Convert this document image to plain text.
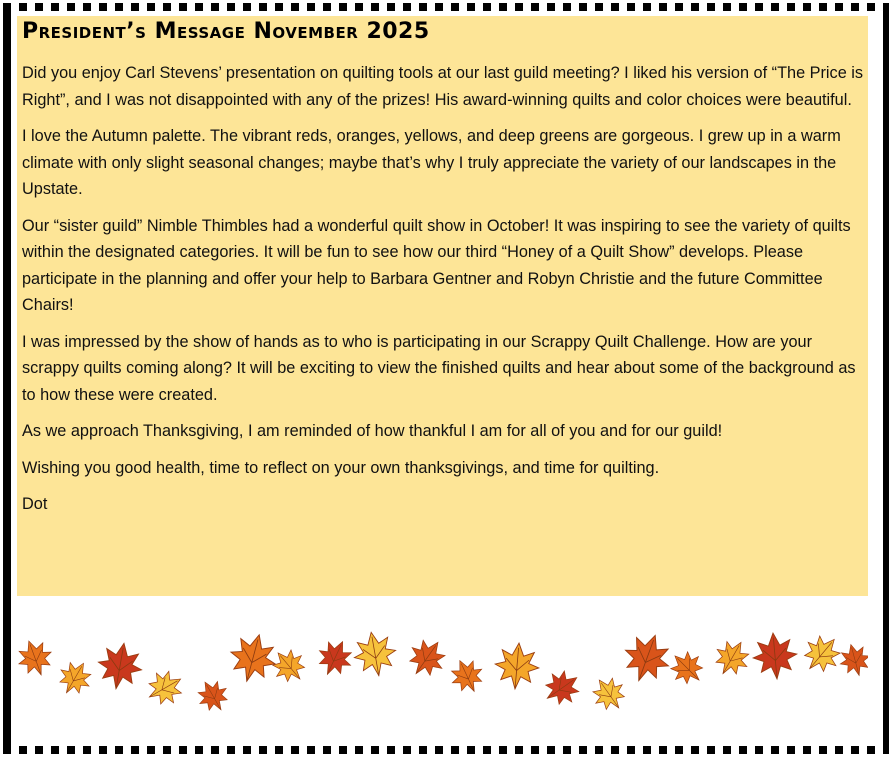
President’s Message November 2025

Did you enjoy Carl Stevens’ presentation on quilting tools at our last guild meeting? I liked his version of “The Price is Right”, and I was not disappointed with any of the prizes! His award-winning quilts and color choices were beautiful.

I love the Autumn palette. The vibrant reds, oranges, yellows, and deep greens are gorgeous. I grew up in a warm climate with only slight seasonal changes; maybe that’s why I truly appreciate the variety of our landscapes in the Upstate.

Our “sister guild” Nimble Thimbles had a wonderful quilt show in October! It was inspiring to see the variety of quilts within the designated categories. It will be fun to see how our third “Honey of a Quilt Show” develops. Please participate in the planning and offer your help to Barbara Gentner and Robyn Christie and the future Committee Chairs!

I was impressed by the show of hands as to who is participating in our Scrappy Quilt Challenge. How are your scrappy quilts coming along? It will be exciting to view the finished quilts and hear about some of the background as to how these were created.

As we approach Thanksgiving, I am reminded of how thankful I am for all of you and for our guild!

Wishing you good health, time to reflect on your own thanksgivings, and time for quilting.

Dot
